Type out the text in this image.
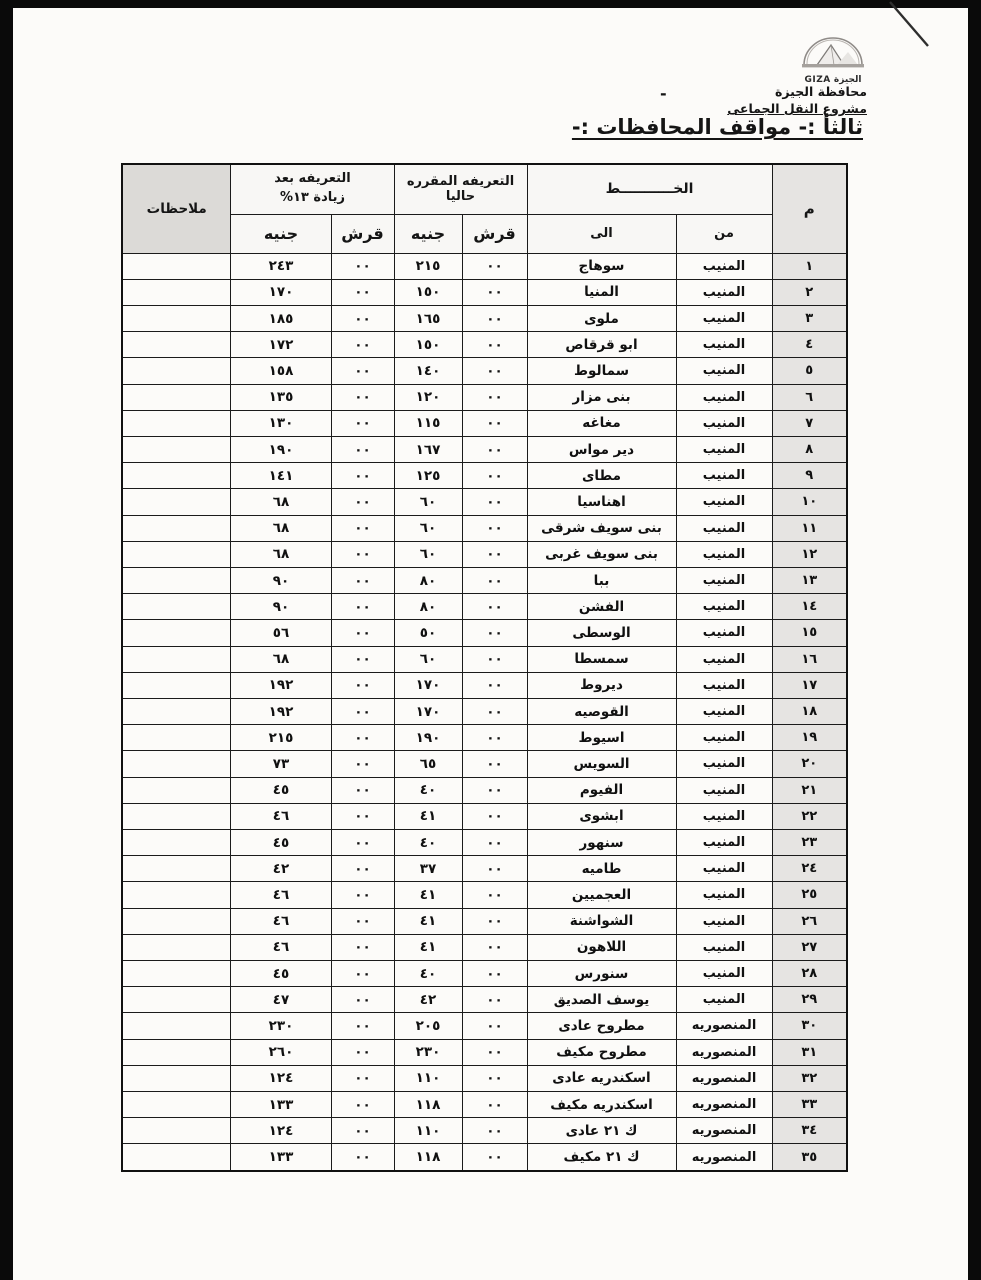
الجيزة GIZA
محافظة الجيزة
مشروع النقل الجماعى
-
ثالثأ :- مواقف المحافظات :-
م	الخـــــــــــط		التعريفه المقرره حاليا		التعريفه بعد
زيادة ١٣%		ملاحظات
	من	الى	قرش	جنيه	قرش	جنيه	
١	المنيب	سوهاج	٠٠	٢١٥	٠٠	٢٤٣	
٢	المنيب	المنيا	٠٠	١٥٠	٠٠	١٧٠	
٣	المنيب	ملوى	٠٠	١٦٥	٠٠	١٨٥	
٤	المنيب	ابو قرقاص	٠٠	١٥٠	٠٠	١٧٢	
٥	المنيب	سمالوط	٠٠	١٤٠	٠٠	١٥٨	
٦	المنيب	بنى مزار	٠٠	١٢٠	٠٠	١٣٥	
٧	المنيب	مغاغه	٠٠	١١٥	٠٠	١٣٠	
٨	المنيب	دير مواس	٠٠	١٦٧	٠٠	١٩٠	
٩	المنيب	مطاى	٠٠	١٢٥	٠٠	١٤١	
١٠	المنيب	اهناسيا	٠٠	٦٠	٠٠	٦٨	
١١	المنيب	بنى سويف شرقى	٠٠	٦٠	٠٠	٦٨	
١٢	المنيب	بنى سويف غربى	٠٠	٦٠	٠٠	٦٨	
١٣	المنيب	ببا	٠٠	٨٠	٠٠	٩٠	
١٤	المنيب	الفشن	٠٠	٨٠	٠٠	٩٠	
١٥	المنيب	الوسطى	٠٠	٥٠	٠٠	٥٦	
١٦	المنيب	سمسطا	٠٠	٦٠	٠٠	٦٨	
١٧	المنيب	ديروط	٠٠	١٧٠	٠٠	١٩٢	
١٨	المنيب	القوصيه	٠٠	١٧٠	٠٠	١٩٢	
١٩	المنيب	اسيوط	٠٠	١٩٠	٠٠	٢١٥	
٢٠	المنيب	السويس	٠٠	٦٥	٠٠	٧٣	
٢١	المنيب	الفيوم	٠٠	٤٠	٠٠	٤٥	
٢٢	المنيب	ابشوى	٠٠	٤١	٠٠	٤٦	
٢٣	المنيب	سنهور	٠٠	٤٠	٠٠	٤٥	
٢٤	المنيب	طاميه	٠٠	٣٧	٠٠	٤٢	
٢٥	المنيب	العجميين	٠٠	٤١	٠٠	٤٦	
٢٦	المنيب	الشواشنة	٠٠	٤١	٠٠	٤٦	
٢٧	المنيب	اللاهون	٠٠	٤١	٠٠	٤٦	
٢٨	المنيب	سنورس	٠٠	٤٠	٠٠	٤٥	
٢٩	المنيب	يوسف الصديق	٠٠	٤٢	٠٠	٤٧	
٣٠	المنصوريه	مطروح عادى	٠٠	٢٠٥	٠٠	٢٣٠	
٣١	المنصوريه	مطروح مكيف	٠٠	٢٣٠	٠٠	٢٦٠	
٣٢	المنصوريه	اسكندريه عادى	٠٠	١١٠	٠٠	١٢٤	
٣٣	المنصوريه	اسكندريه مكيف	٠٠	١١٨	٠٠	١٣٣	
٣٤	المنصوريه	ك ٢١ عادى	٠٠	١١٠	٠٠	١٢٤	
٣٥	المنصوريه	ك ٢١ مكيف	٠٠	١١٨	٠٠	١٣٣	
